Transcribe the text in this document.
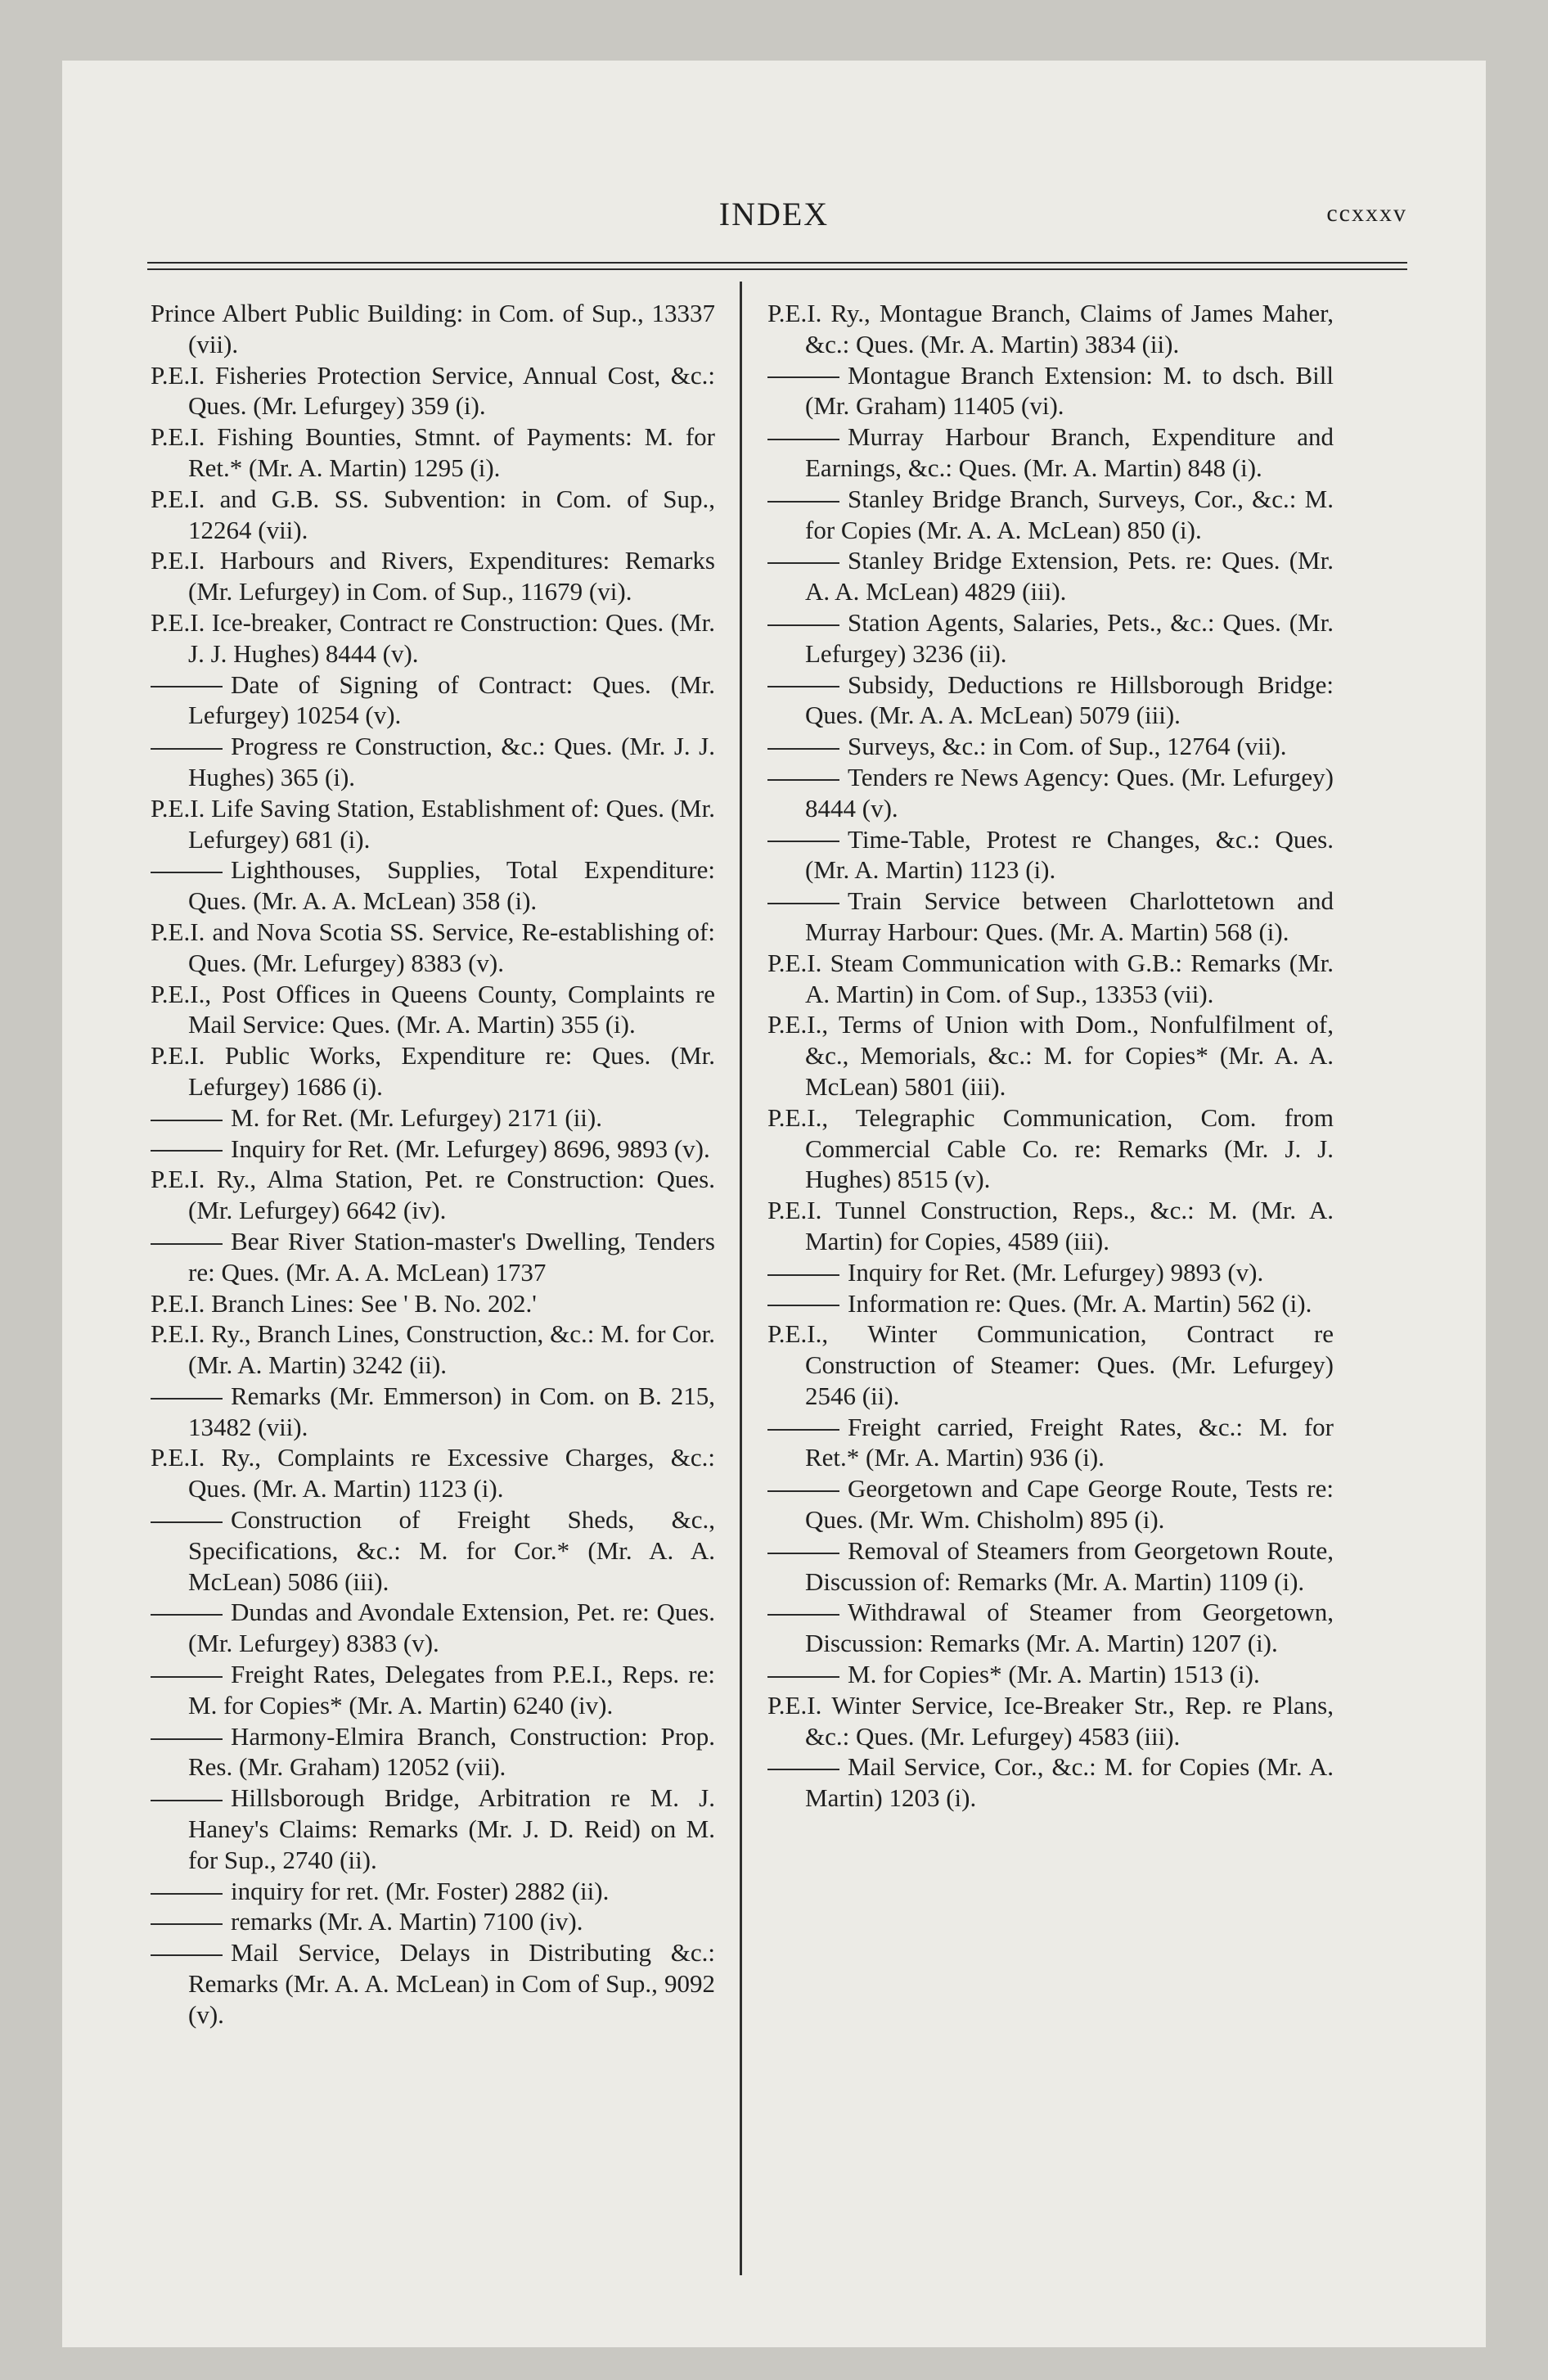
INDEX	ccxxxv
Prince Albert Public Building: in Com. of Sup., 13337 (vii).
P.E.I. Fisheries Protection Service, Annual Cost, &c.: Ques. (Mr. Lefurgey) 359 (i).
P.E.I. Fishing Bounties, Stmnt. of Payments: M. for Ret.* (Mr. A. Martin) 1295 (i).
P.E.I. and G.B. SS. Subvention: in Com. of Sup., 12264 (vii).
P.E.I. Harbours and Rivers, Expenditures: Remarks (Mr. Lefurgey) in Com. of Sup., 11679 (vi).
P.E.I. Ice-breaker, Contract re Construction: Ques. (Mr. J. J. Hughes) 8444 (v).
Date of Signing of Contract: Ques. (Mr. Lefurgey) 10254 (v).
Progress re Construction, &c.: Ques. (Mr. J. J. Hughes) 365 (i).
P.E.I. Life Saving Station, Establishment of: Ques. (Mr. Lefurgey) 681 (i).
Lighthouses, Supplies, Total Expenditure: Ques. (Mr. A. A. McLean) 358 (i).
P.E.I. and Nova Scotia SS. Service, Re-establishing of: Ques. (Mr. Lefurgey) 8383 (v).
P.E.I., Post Offices in Queens County, Complaints re Mail Service: Ques. (Mr. A. Martin) 355 (i).
P.E.I. Public Works, Expenditure re: Ques. (Mr. Lefurgey) 1686 (i).
M. for Ret. (Mr. Lefurgey) 2171 (ii).
Inquiry for Ret. (Mr. Lefurgey) 8696, 9893 (v).
P.E.I. Ry., Alma Station, Pet. re Construction: Ques. (Mr. Lefurgey) 6642 (iv).
Bear River Station-master's Dwelling, Tenders re: Ques. (Mr. A. A. McLean) 1737
P.E.I. Branch Lines: See ' B. No. 202.'
P.E.I. Ry., Branch Lines, Construction, &c.: M. for Cor. (Mr. A. Martin) 3242 (ii).
Remarks (Mr. Emmerson) in Com. on B. 215, 13482 (vii).
P.E.I. Ry., Complaints re Excessive Charges, &c.: Ques. (Mr. A. Martin) 1123 (i).
Construction of Freight Sheds, &c., Specifications, &c.: M. for Cor.* (Mr. A. A. McLean) 5086 (iii).
Dundas and Avondale Extension, Pet. re: Ques. (Mr. Lefurgey) 8383 (v).
Freight Rates, Delegates from P.E.I., Reps. re: M. for Copies* (Mr. A. Martin) 6240 (iv).
Harmony-Elmira Branch, Construction: Prop. Res. (Mr. Graham) 12052 (vii).
Hillsborough Bridge, Arbitration re M. J. Haney's Claims: Remarks (Mr. J. D. Reid) on M. for Sup., 2740 (ii).
inquiry for ret. (Mr. Foster) 2882 (ii).
remarks (Mr. A. Martin) 7100 (iv).
Mail Service, Delays in Distributing &c.: Remarks (Mr. A. A. McLean) in Com of Sup., 9092 (v).
P.E.I. Ry., Montague Branch, Claims of James Maher, &c.: Ques. (Mr. A. Martin) 3834 (ii).
Montague Branch Extension: M. to dsch. Bill (Mr. Graham) 11405 (vi).
Murray Harbour Branch, Expenditure and Earnings, &c.: Ques. (Mr. A. Martin) 848 (i).
Stanley Bridge Branch, Surveys, Cor., &c.: M. for Copies (Mr. A. A. McLean) 850 (i).
Stanley Bridge Extension, Pets. re: Ques. (Mr. A. A. McLean) 4829 (iii).
Station Agents, Salaries, Pets., &c.: Ques. (Mr. Lefurgey) 3236 (ii).
Subsidy, Deductions re Hillsborough Bridge: Ques. (Mr. A. A. McLean) 5079 (iii).
Surveys, &c.: in Com. of Sup., 12764 (vii).
Tenders re News Agency: Ques. (Mr. Lefurgey) 8444 (v).
Time-Table, Protest re Changes, &c.: Ques. (Mr. A. Martin) 1123 (i).
Train Service between Charlottetown and Murray Harbour: Ques. (Mr. A. Martin) 568 (i).
P.E.I. Steam Communication with G.B.: Remarks (Mr. A. Martin) in Com. of Sup., 13353 (vii).
P.E.I., Terms of Union with Dom., Nonfulfilment of, &c., Memorials, &c.: M. for Copies* (Mr. A. A. McLean) 5801 (iii).
P.E.I., Telegraphic Communication, Com. from Commercial Cable Co. re: Remarks (Mr. J. J. Hughes) 8515 (v).
P.E.I. Tunnel Construction, Reps., &c.: M. (Mr. A. Martin) for Copies, 4589 (iii).
Inquiry for Ret. (Mr. Lefurgey) 9893 (v).
Information re: Ques. (Mr. A. Martin) 562 (i).
P.E.I., Winter Communication, Contract re Construction of Steamer: Ques. (Mr. Lefurgey) 2546 (ii).
Freight carried, Freight Rates, &c.: M. for Ret.* (Mr. A. Martin) 936 (i).
Georgetown and Cape George Route, Tests re: Ques. (Mr. Wm. Chisholm) 895 (i).
Removal of Steamers from Georgetown Route, Discussion of: Remarks (Mr. A. Martin) 1109 (i).
Withdrawal of Steamer from Georgetown, Discussion: Remarks (Mr. A. Martin) 1207 (i).
M. for Copies* (Mr. A. Martin) 1513 (i).
P.E.I. Winter Service, Ice-Breaker Str., Rep. re Plans, &c.: Ques. (Mr. Lefurgey) 4583 (iii).
Mail Service, Cor., &c.: M. for Copies (Mr. A. Martin) 1203 (i).
